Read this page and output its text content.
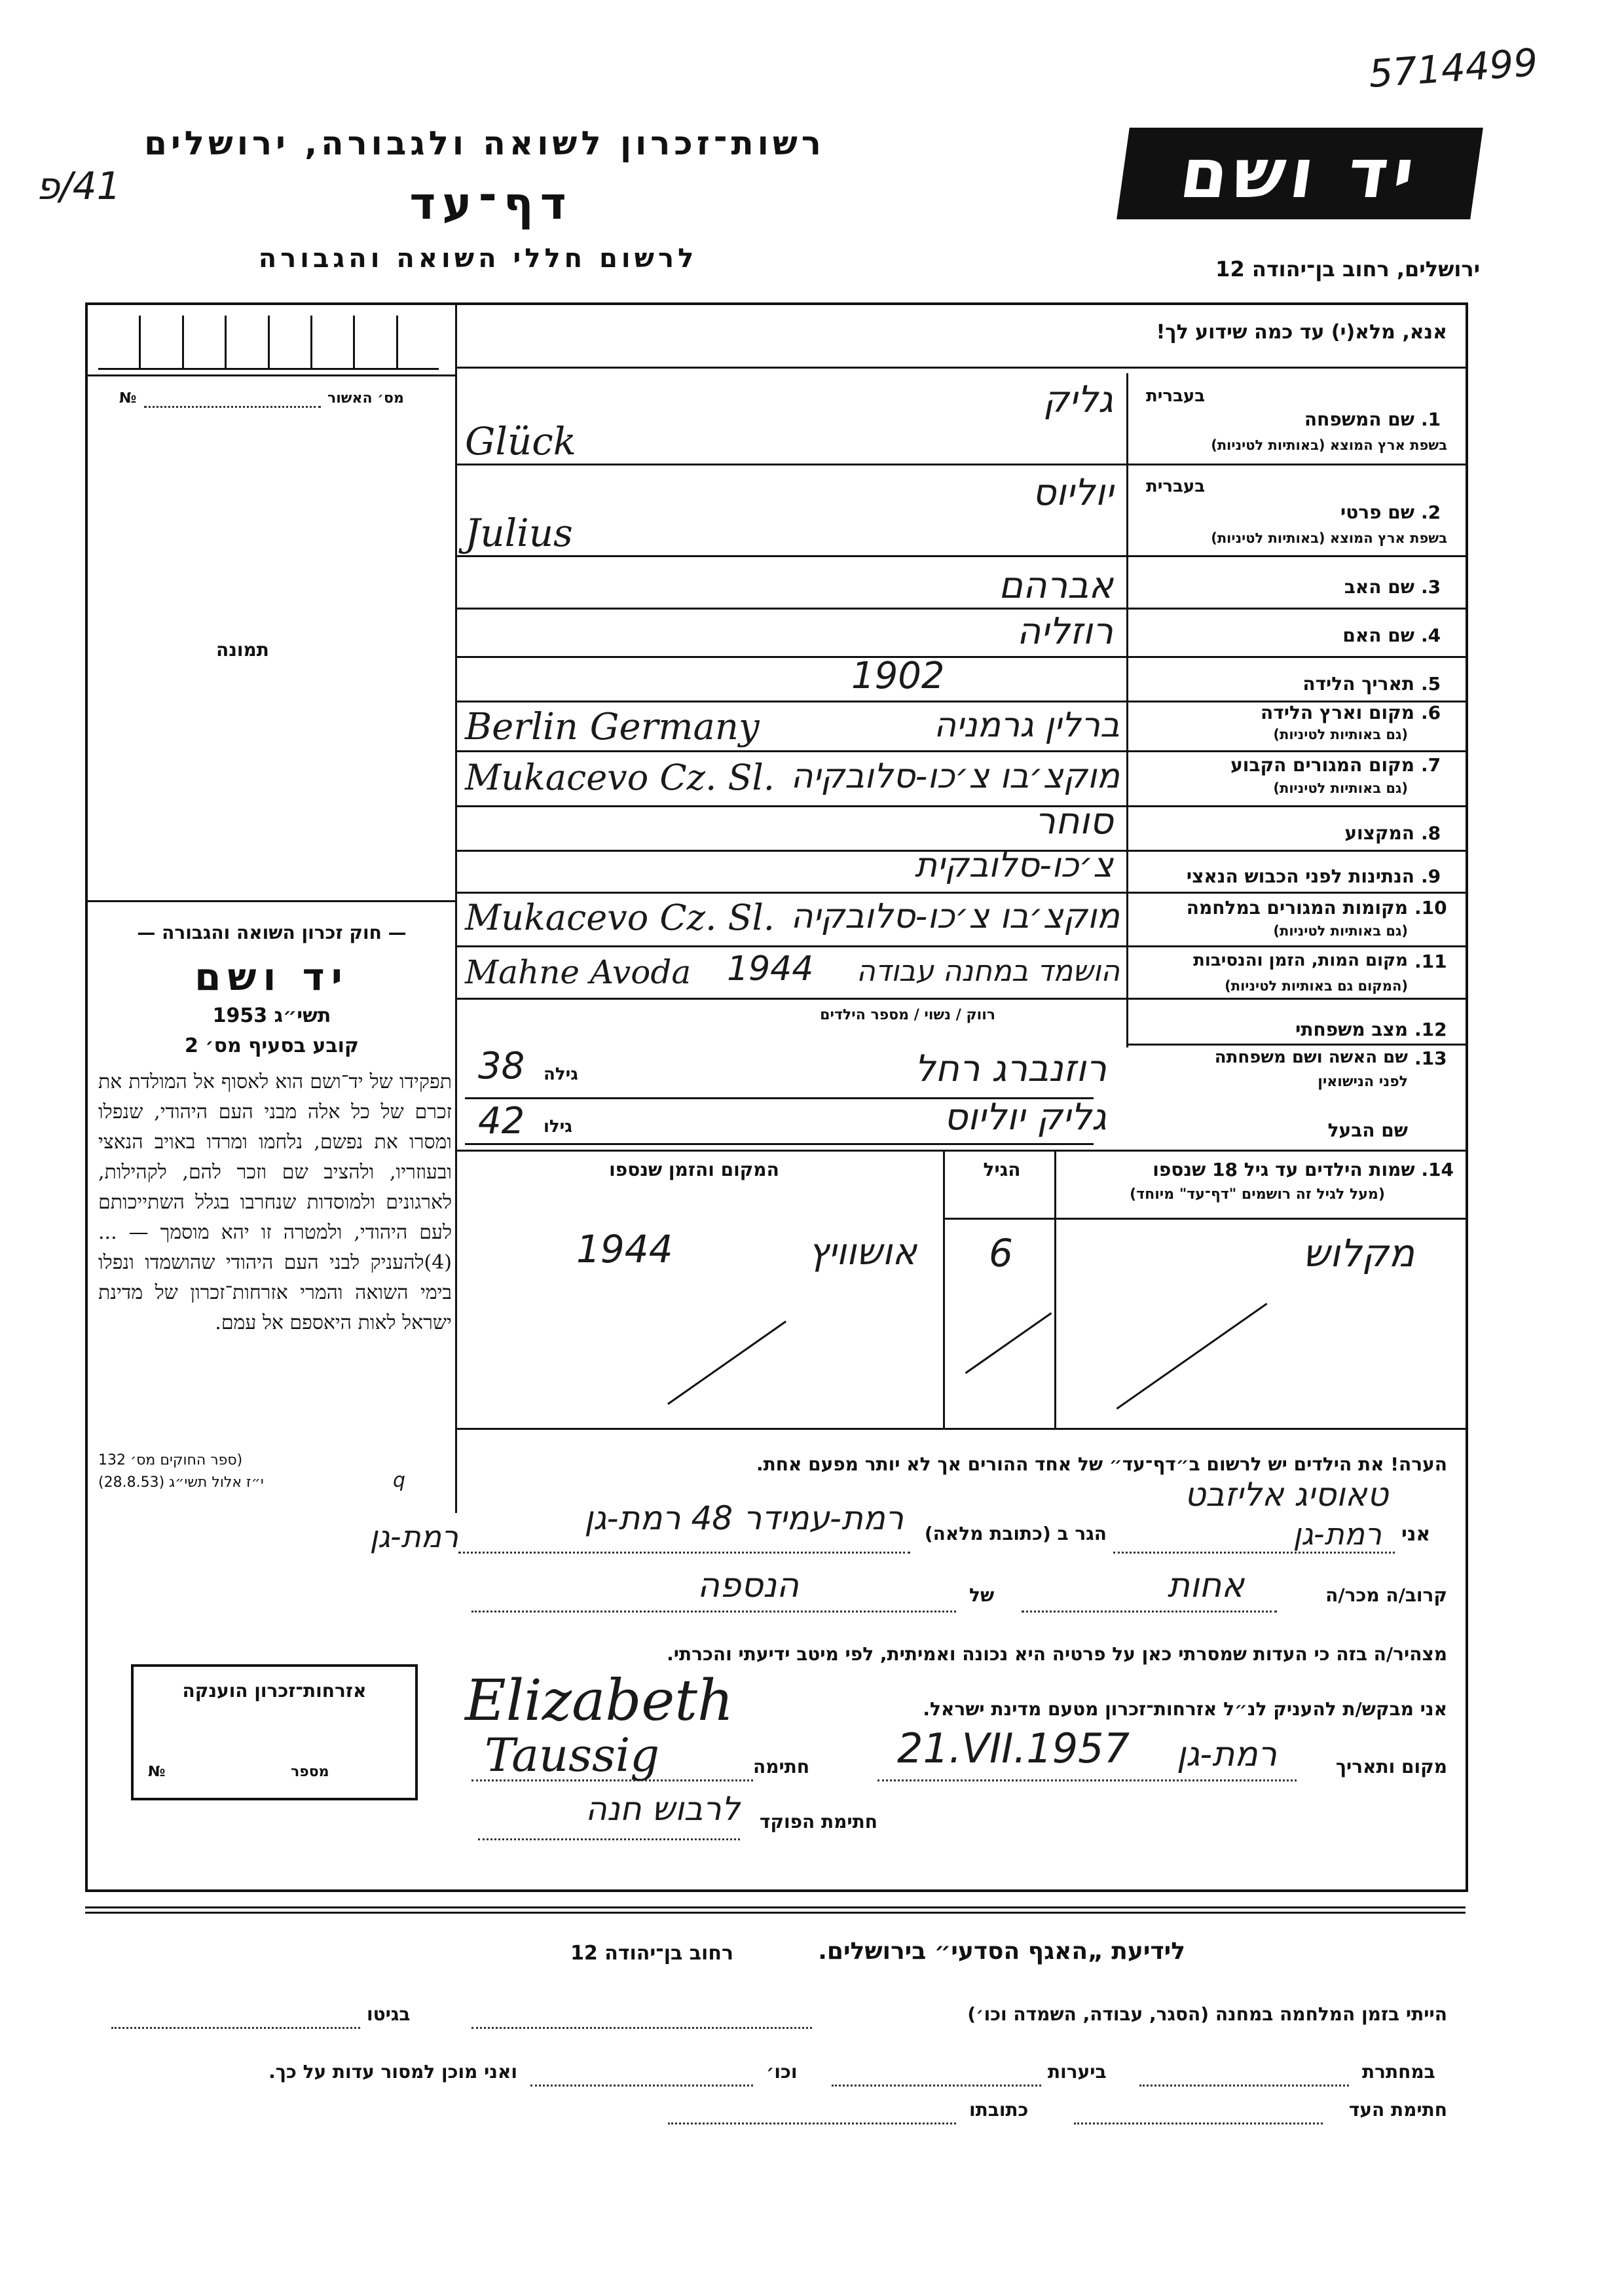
5714499
41/פ
רשות־זכרון לשואה ולגבורה, ירושלים
דף־עד
לרשום חללי השואה והגבורה
יד ושם
ירושלים, רחוב בן־יהודה 12
מס׳ האשור
№
תמונה
— חוק זכרון השואה והגבורה —
יד ושם
תשי״ג 1953
קובע בסעיף מס׳ 2
תפקידו של יד־ושם הוא לאסוף אל המולדת את זכרם של כל אלה מבני העם היהודי, שנפלו ומסרו את נפשם, נלחמו ומרדו באויב הנאצי ובעוזריו, ולהציב שם וזכר להם, לקהילות, לארגונים ולמוסדות שנחרבו בגלל השתייכותם לעם היהודי, ולמטרה זו יהא מוסמך — ...(4)להעניק לבני העם היהודי שהושמדו ונפלו בימי השואה והמרי אזרחות־זכרון של מדינת ישראל לאות היאספם אל עמם.
(ספר החוקים מס׳ 132
י״ז אלול תשי״ג (28.8.53)	q
אזרחות־זכרון הוענקה
מספר
№
אנא, מלא(י) עד כמה שידוע לך!
1.
שם המשפחה
בעברית
בשפת ארץ המוצא (באותיות לטיניות)
גליק
Glück
2.
שם פרטי
בעברית
בשפת ארץ המוצא (באותיות לטיניות)
יוליוס
Julius
3.
שם האב
אברהם
4.
שם האם
רוזליה
5.
תאריך הלידה
1902
6.
מקום וארץ הלידה
(גם באותיות לטיניות)
ברלין גרמניה
Berlin Germany
7.
מקום המגורים הקבוע
(גם באותיות לטיניות)
מוקצ׳בו צ׳כו-סלובקיה
Mukacevo Cz. Sl.
8.
המקצוע
סוחר
9.
הנתינות לפני הכבוש הנאצי
צ׳כו-סלובקית
10.
מקומות המגורים במלחמה
(גם באותיות לטיניות)
מוקצ׳בו צ׳כו-סלובקיה
Mukacevo Cz. Sl.
11.
מקום המות, הזמן והנסיבות
(המקום גם באותיות לטיניות)
הושמד במחנה עבודה
1944
Mahne Avoda
12.
מצב משפחתי
רווק / נשוי / מספר הילדים
13.
שם האשה ושם משפחתה
לפני הנישואין
רוזנברג רחל
גילה
38
שם הבעל
גליק יוליוס
גילו
42
14. שמות הילדים עד גיל 18 שנספו
(מעל לגיל זה רושמים "דף־עד" מיוחד)
הגיל
המקום והזמן שנספו
מקלוש
6
אושוויץ
1944
הערה! את הילדים יש לרשום ב״דף־עד״ של אחד ההורים אך לא יותר מפעם אחת.
אני
טאוסיג אליזבט
רמת-גן
הגר ב (כתובת מלאה)
רמת-עמידר 48 רמת-גן
רמת-גן
קרוב/ה מכר/ה
אחות
של
הנספה
מצהיר/ה בזה כי העדות שמסרתי כאן על פרטיה היא נכונה ואמיתית, לפי מיטב ידיעתי והכרתי.
אני מבקש/ת להעניק לנ״ל אזרחות־זכרון מטעם מדינת ישראל.
Elizabeth
מקום ותאריך
רמת-גן
21.VII.1957
חתימה
Taussig
חתימת הפוקד
לרבוש חנה
לידיעת „האגף הסדעי״ בירושלים.
רחוב בן־יהודה 12
הייתי בזמן המלחמה במחנה (הסגר, עבודה, השמדה וכו׳)
בגיטו
במחתרת
ביערות
וכו׳
ואני מוכן למסור עדות על כך.
חתימת העד
כתובתו
